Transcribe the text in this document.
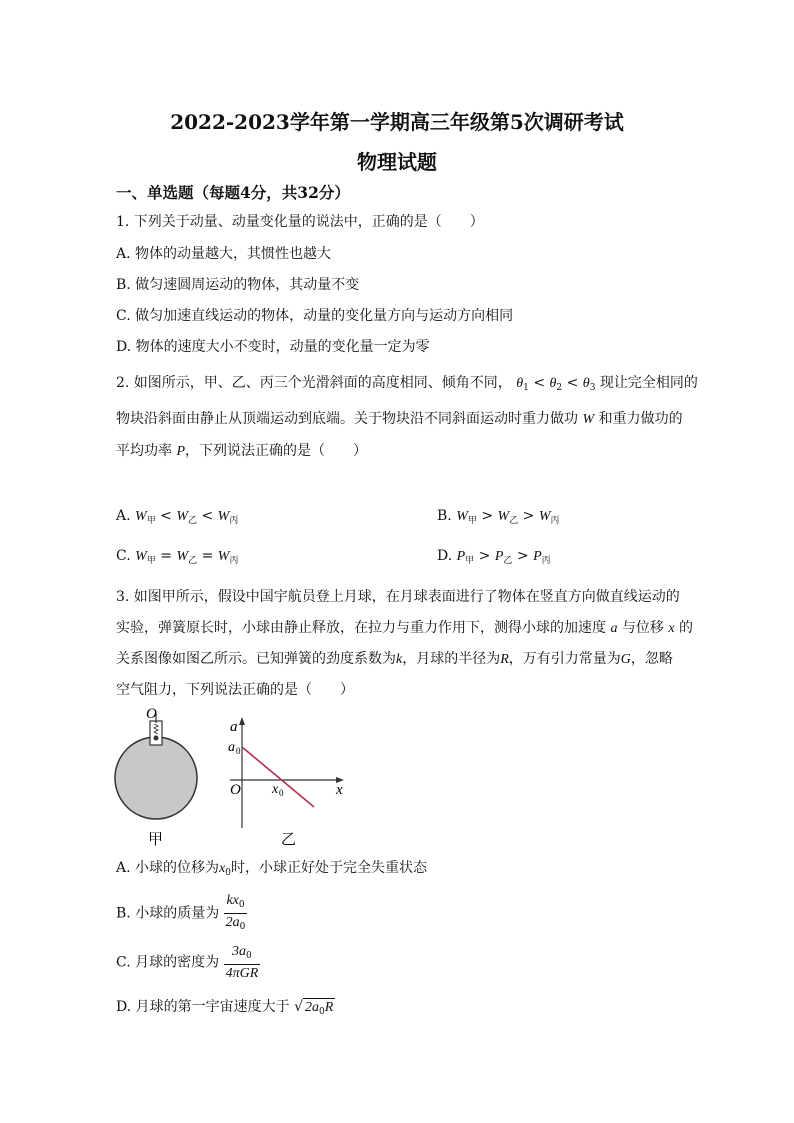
2022-2023学年第一学期高三年级第5次调研考试
物理试题
一、单选题（每题4分，共32分）
1. 下列关于动量、动量变化量的说法中，正确的是（　　）
A. 物体的动量越大，其惯性也越大
B. 做匀速圆周运动的物体，其动量不变
C. 做匀加速直线运动的物体，动量的变化量方向与运动方向相同
D. 物体的速度大小不变时，动量的变化量一定为零
2. 如图所示，甲、乙、丙三个光滑斜面的高度相同、倾角不同， $\theta_1 < \theta_2 < \theta_3$ 现让完全相同的
物块沿斜面由静止从顶端运动到底端。关于物块沿不同斜面运动时重力做功 W 和重力做功的
平均功率 P，下列说法正确的是（　　）
A. $W_甲 < W_乙 < W_丙$	B. $W_甲 > W_乙 > W_丙$
C. $W_甲 = W_乙 = W_丙$	D. $P_甲 > P_乙 > P_丙$
3. 如图甲所示，假设中国宇航员登上月球，在月球表面进行了物体在竖直方向做直线运动的
实验，弹簧原长时，小球由静止释放，在拉力与重力作用下，测得小球的加速度 a 与位移 x 的
关系图像如图乙所示。已知弹簧的劲度系数为k，月球的半径为R，万有引力常量为G，忽略
空气阻力，下列说法正确的是（　　）
O
甲
a
a 0
O x 0	x
乙
A. 小球的位移为$x_0$时，小球正好处于完全失重状态
B. 小球的质量为 $\frac{kx_0}{2a_0}$
C. 月球的密度为 $\frac{3a_0}{\text{4πGR}}$
D. 月球的第一宇宙速度大于 √ $2a_0R$
